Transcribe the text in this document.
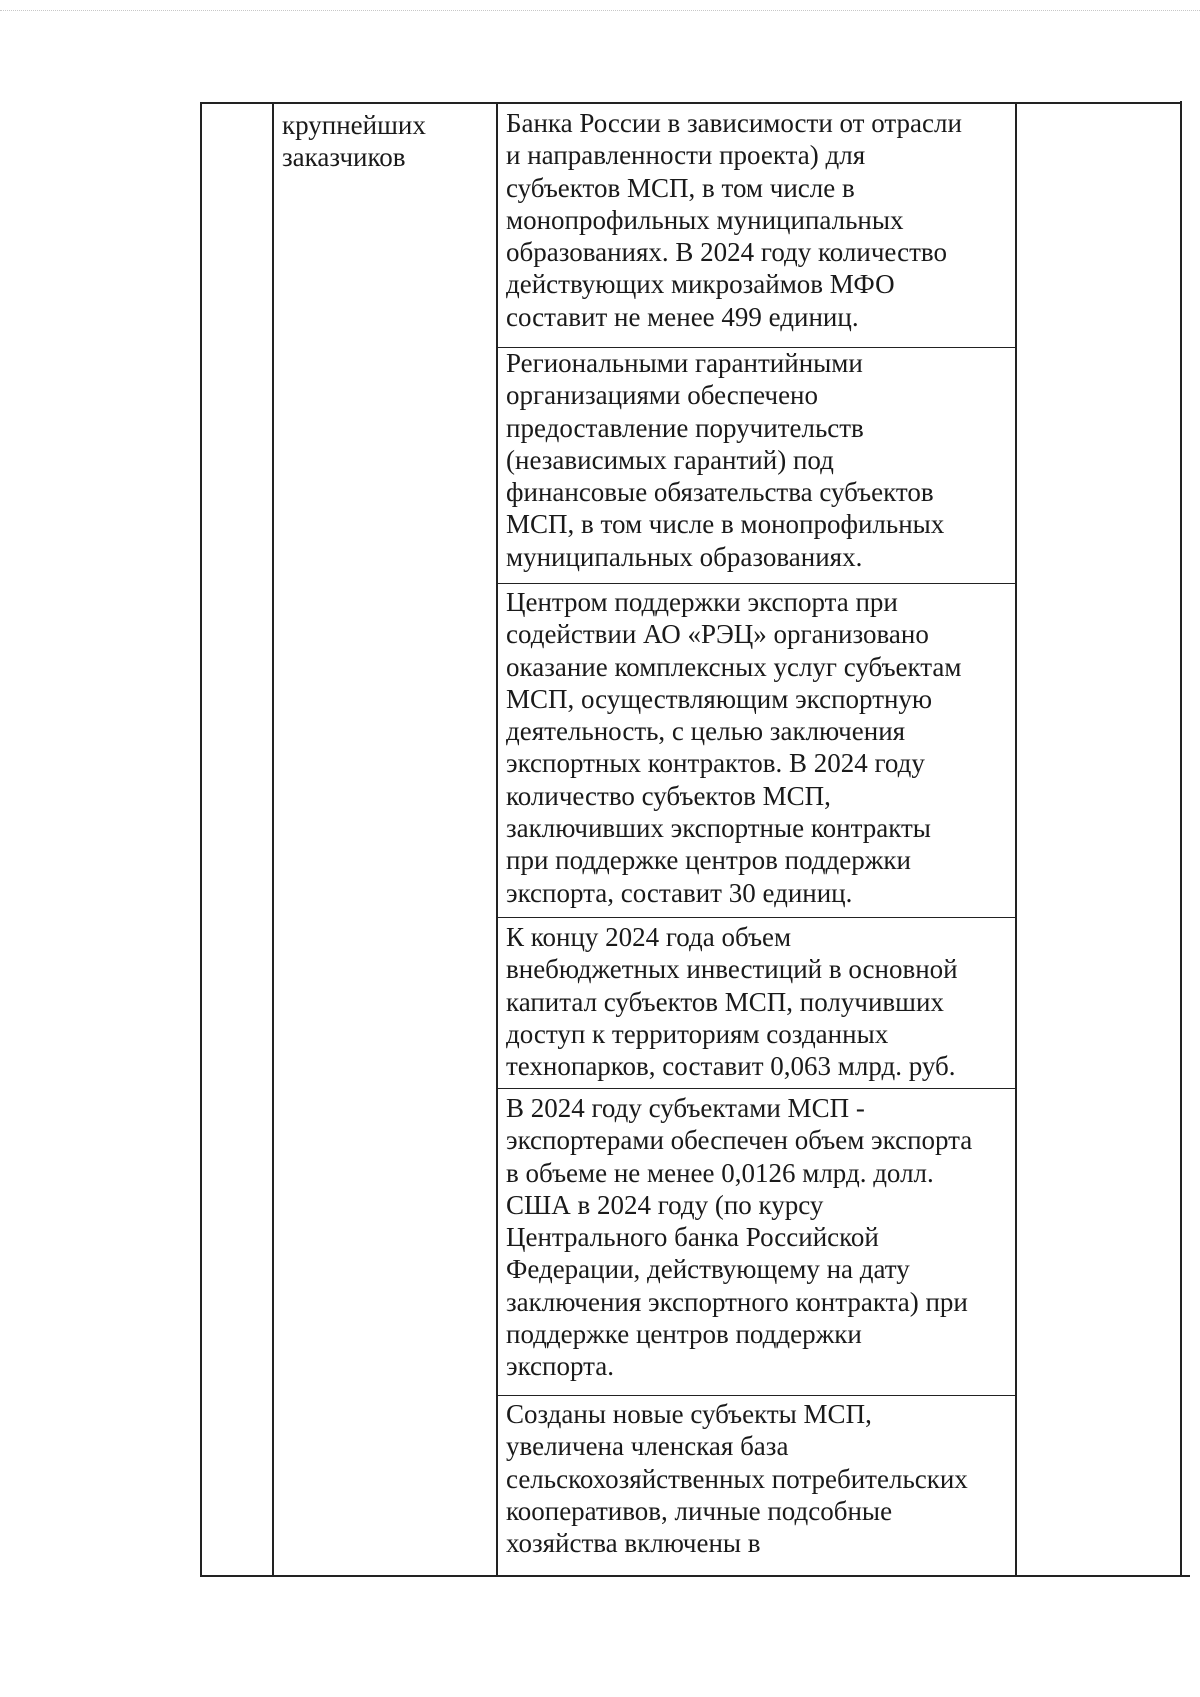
крупнейших
заказчиков
Банка России в зависимости от отрасли
и направленности проекта) для
субъектов МСП, в том числе в
монопрофильных муниципальных
образованиях. В 2024 году количество
действующих микрозаймов МФО
составит не менее 499 единиц.
Региональными гарантийными
организациями обеспечено
предоставление поручительств
(независимых гарантий) под
финансовые обязательства субъектов
МСП, в том числе в монопрофильных
муниципальных образованиях.
Центром поддержки экспорта при
содействии АО «РЭЦ» организовано
оказание комплексных услуг субъектам
МСП, осуществляющим экспортную
деятельность, с целью заключения
экспортных контрактов. В 2024 году
количество субъектов МСП,
заключивших экспортные контракты
при поддержке центров поддержки
экспорта, составит 30 единиц.
К концу 2024 года объем
внебюджетных инвестиций в основной
капитал субъектов МСП, получивших
доступ к территориям созданных
технопарков, составит 0,063 млрд. руб.
В 2024 году субъектами МСП -
экспортерами обеспечен объем экспорта
в объеме не менее 0,0126 млрд. долл.
США в 2024 году (по курсу
Центрального банка Российской
Федерации, действующему на дату
заключения экспортного контракта) при
поддержке центров поддержки
экспорта.
Созданы новые субъекты МСП,
увеличена членская база
сельскохозяйственных потребительских
кооперативов, личные подсобные
хозяйства включены в
